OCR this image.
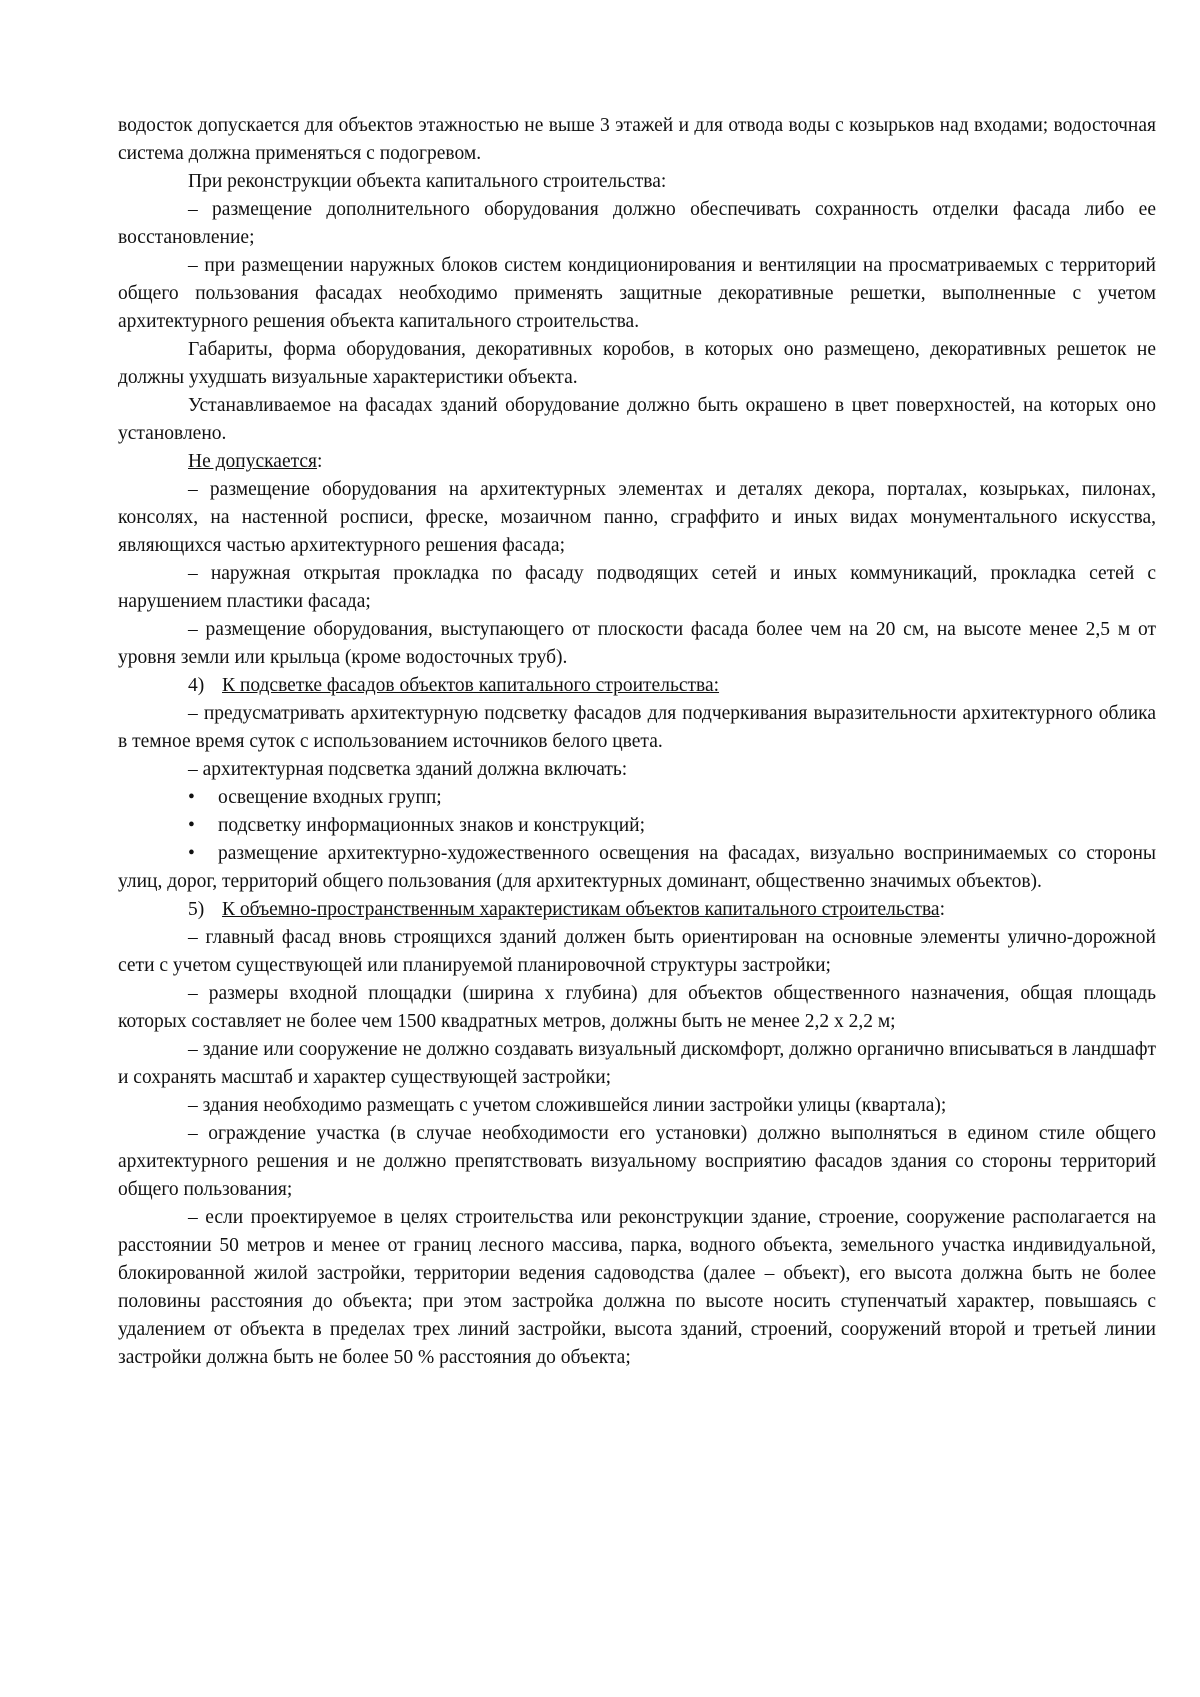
водосток допускается для объектов этажностью не выше 3 этажей и для отвода воды с козырьков над входами; водосточная система должна применяться с подогревом.

При реконструкции объекта капитального строительства:

– размещение дополнительного оборудования должно обеспечивать сохранность отделки фасада либо ее восстановление;

– при размещении наружных блоков систем кондиционирования и вентиляции на просматриваемых с территорий общего пользования фасадах необходимо применять защитные декоративные решетки, выполненные с учетом архитектурного решения объекта капитального строительства.

Габариты, форма оборудования, декоративных коробов, в которых оно размещено, декоративных решеток не должны ухудшать визуальные характеристики объекта.

Устанавливаемое на фасадах зданий оборудование должно быть окрашено в цвет поверхностей, на которых оно установлено.

Не допускается:

– размещение оборудования на архитектурных элементах и деталях декора, порталах, козырьках, пилонах, консолях, на настенной росписи, фреске, мозаичном панно, сграффито и иных видах монументального искусства, являющихся частью архитектурного решения фасада;

– наружная открытая прокладка по фасаду подводящих сетей и иных коммуникаций, прокладка сетей с нарушением пластики фасада;

– размещение оборудования, выступающего от плоскости фасада более чем на 20 см, на высоте менее 2,5 м от уровня земли или крыльца (кроме водосточных труб).

4) К подсветке фасадов объектов капитального строительства:

– предусматривать архитектурную подсветку фасадов для подчеркивания выразительности архитектурного облика в темное время суток с использованием источников белого цвета.

– архитектурная подсветка зданий должна включать:

• освещение входных групп;

• подсветку информационных знаков и конструкций;

• размещение архитектурно-художественного освещения на фасадах, визуально воспринимаемых со стороны улиц, дорог, территорий общего пользования (для архитектурных доминант, общественно значимых объектов).

5) К объемно-пространственным характеристикам объектов капитального строительства:

– главный фасад вновь строящихся зданий должен быть ориентирован на основные элементы улично-дорожной сети с учетом существующей или планируемой планировочной структуры застройки;

– размеры входной площадки (ширина х глубина) для объектов общественного назначения, общая площадь которых составляет не более чем 1500 квадратных метров, должны быть не менее 2,2 х 2,2 м;

– здание или сооружение не должно создавать визуальный дискомфорт, должно органично вписываться в ландшафт и сохранять масштаб и характер существующей застройки;

– здания необходимо размещать с учетом сложившейся линии застройки улицы (квартала);

– ограждение участка (в случае необходимости его установки) должно выполняться в едином стиле общего архитектурного решения и не должно препятствовать визуальному восприятию фасадов здания со стороны территорий общего пользования;

– если проектируемое в целях строительства или реконструкции здание, строение, сооружение располагается на расстоянии 50 метров и менее от границ лесного массива, парка, водного объекта, земельного участка индивидуальной, блокированной жилой застройки, территории ведения садоводства (далее – объект), его высота должна быть не более половины расстояния до объекта; при этом застройка должна по высоте носить ступенчатый характер, повышаясь с удалением от объекта в пределах трех линий застройки, высота зданий, строений, сооружений второй и третьей линии застройки должна быть не более 50 % расстояния до объекта;
